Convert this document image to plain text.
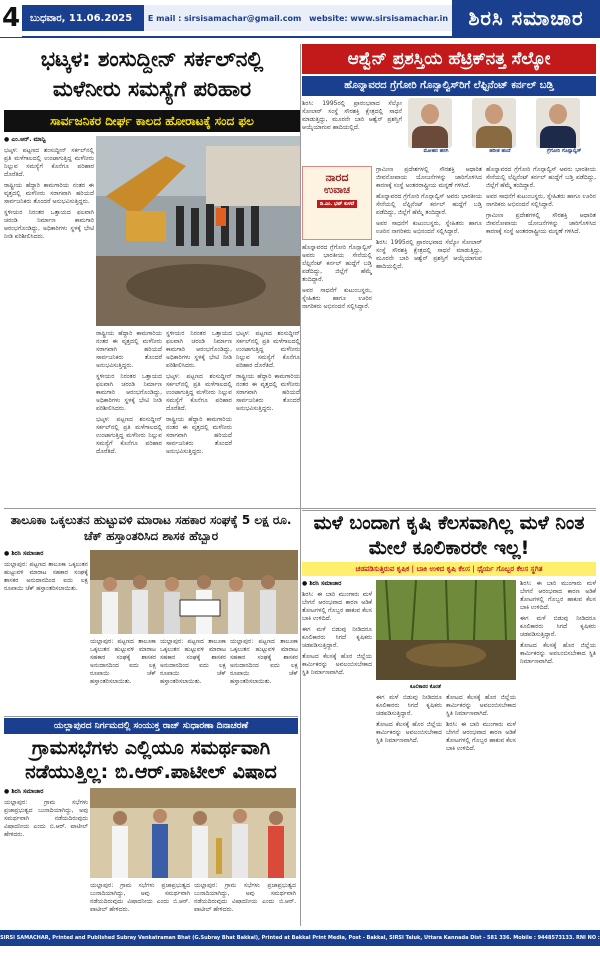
4 ಬುಧವಾರ, 11.06.2025	E mail : sirsisamachar@gmail.com website: www.sirsisamachar.in	ಶಿರಸಿ ಸಮಾಚಾರ
ಭಟ್ಕಳ: ಶಂಸುದ್ದೀನ್ ಸರ್ಕಲ್‌ನಲ್ಲಿ ಮಳೆನೀರು ಸಮಸ್ಯೆಗೆ ಪರಿಹಾರ
ಸಾರ್ವಜನಿಕರ ದೀರ್ಘ ಕಾಲದ ಹೋರಾಟಕ್ಕೆ ಸಂದ ಫಲ
● ಎಂ.ಆರ್. ಮಾನ್ವಿ

ಭಟ್ಕಳ: ಪಟ್ಟಣದ ಶಂಸುದ್ದೀನ್ ಸರ್ಕಲ್‌ನಲ್ಲಿ ಪ್ರತಿ ಮಳೆಗಾಲದಲ್ಲಿ ಉಂಟಾಗುತ್ತಿದ್ದ ಮಳೆನೀರು ನಿಲ್ಲುವ ಸಮಸ್ಯೆಗೆ ಕೊನೆಗೂ ಪರಿಹಾರ ದೊರೆತಿದೆ.

ರಾಷ್ಟ್ರೀಯ ಹೆದ್ದಾರಿ ಕಾಮಗಾರಿಯ ನಂತರ ಈ ವೃತ್ತದಲ್ಲಿ ಮಳೆನೀರು ಸರಾಗವಾಗಿ ಹರಿಯದೆ ಸಾರ್ವಜನಿಕರು ತೊಂದರೆ ಅನುಭವಿಸುತ್ತಿದ್ದರು.

ಸ್ಥಳೀಯರ ನಿರಂತರ ಒತ್ತಾಯದ ಫಲವಾಗಿ ಚರಂಡಿ ನಿರ್ಮಾಣ ಕಾಮಗಾರಿ ಆರಂಭಗೊಂಡಿದ್ದು, ಅಧಿಕಾರಿಗಳು ಸ್ಥಳಕ್ಕೆ ಭೇಟಿ ನೀಡಿ ಪರಿಶೀಲಿಸಿದರು.

ರಾಷ್ಟ್ರೀಯ ಹೆದ್ದಾರಿ ಕಾಮಗಾರಿಯ ನಂತರ ಈ ವೃತ್ತದಲ್ಲಿ ಮಳೆನೀರು ಸರಾಗವಾಗಿ ಹರಿಯದೆ ಸಾರ್ವಜನಿಕರು ತೊಂದರೆ ಅನುಭವಿಸುತ್ತಿದ್ದರು.

ಸ್ಥಳೀಯರ ನಿರಂತರ ಒತ್ತಾಯದ ಫಲವಾಗಿ ಚರಂಡಿ ನಿರ್ಮಾಣ ಕಾಮಗಾರಿ ಆರಂಭಗೊಂಡಿದ್ದು, ಅಧಿಕಾರಿಗಳು ಸ್ಥಳಕ್ಕೆ ಭೇಟಿ ನೀಡಿ ಪರಿಶೀಲಿಸಿದರು.

ಭಟ್ಕಳ: ಪಟ್ಟಣದ ಶಂಸುದ್ದೀನ್ ಸರ್ಕಲ್‌ನಲ್ಲಿ ಪ್ರತಿ ಮಳೆಗಾಲದಲ್ಲಿ ಉಂಟಾಗುತ್ತಿದ್ದ ಮಳೆನೀರು ನಿಲ್ಲುವ ಸಮಸ್ಯೆಗೆ ಕೊನೆಗೂ ಪರಿಹಾರ ದೊರೆತಿದೆ.

ಸ್ಥಳೀಯರ ನಿರಂತರ ಒತ್ತಾಯದ ಫಲವಾಗಿ ಚರಂಡಿ ನಿರ್ಮಾಣ ಕಾಮಗಾರಿ ಆರಂಭಗೊಂಡಿದ್ದು, ಅಧಿಕಾರಿಗಳು ಸ್ಥಳಕ್ಕೆ ಭೇಟಿ ನೀಡಿ ಪರಿಶೀಲಿಸಿದರು.

ಭಟ್ಕಳ: ಪಟ್ಟಣದ ಶಂಸುದ್ದೀನ್ ಸರ್ಕಲ್‌ನಲ್ಲಿ ಪ್ರತಿ ಮಳೆಗಾಲದಲ್ಲಿ ಉಂಟಾಗುತ್ತಿದ್ದ ಮಳೆನೀರು ನಿಲ್ಲುವ ಸಮಸ್ಯೆಗೆ ಕೊನೆಗೂ ಪರಿಹಾರ ದೊರೆತಿದೆ.

ರಾಷ್ಟ್ರೀಯ ಹೆದ್ದಾರಿ ಕಾಮಗಾರಿಯ ನಂತರ ಈ ವೃತ್ತದಲ್ಲಿ ಮಳೆನೀರು ಸರಾಗವಾಗಿ ಹರಿಯದೆ ಸಾರ್ವಜನಿಕರು ತೊಂದರೆ ಅನುಭವಿಸುತ್ತಿದ್ದರು.

ಭಟ್ಕಳ: ಪಟ್ಟಣದ ಶಂಸುದ್ದೀನ್ ಸರ್ಕಲ್‌ನಲ್ಲಿ ಪ್ರತಿ ಮಳೆಗಾಲದಲ್ಲಿ ಉಂಟಾಗುತ್ತಿದ್ದ ಮಳೆನೀರು ನಿಲ್ಲುವ ಸಮಸ್ಯೆಗೆ ಕೊನೆಗೂ ಪರಿಹಾರ ದೊರೆತಿದೆ.

ರಾಷ್ಟ್ರೀಯ ಹೆದ್ದಾರಿ ಕಾಮಗಾರಿಯ ನಂತರ ಈ ವೃತ್ತದಲ್ಲಿ ಮಳೆನೀರು ಸರಾಗವಾಗಿ ಹರಿಯದೆ ಸಾರ್ವಜನಿಕರು ತೊಂದರೆ ಅನುಭವಿಸುತ್ತಿದ್ದರು.

ಆಶ್ವೆನ್ ಪ್ರಶಸ್ತಿಯ ಹೆಟ್ರಿಕ್‌ನತ್ತ ಸೆಲ್ಕೋ
ಹೊನ್ನಾವರದ ಗ್ರೆಗೋರಿ ಗೊನ್ಸಾಲ್ವಿಸ್‌ರಿಗೆ ಲೆಫ್ಟಿನೆಂಟ್ ಕರ್ನಲ್ ಬಡ್ತಿ

ಶಿರಸಿ: 1995ರಲ್ಲಿ ಪ್ರಾರಂಭವಾದ ಸೆಲ್ಕೋ ಸೋಲಾರ್ ಸಂಸ್ಥೆ ಸೌರಶಕ್ತಿ ಕ್ಷೇತ್ರದಲ್ಲಿ ಸಾಧನೆ ಮಾಡುತ್ತಿದ್ದು, ಮೂರನೇ ಬಾರಿ ಆಶ್ವೆನ್ ಪ್ರಶಸ್ತಿಗೆ ಆಯ್ಕೆಯಾಗುವ ಹಾದಿಯಲ್ಲಿದೆ.

ಮೋಹನ ಹಸಗಿ	ಹರೀಶ ಹಂದೆ	ಗ್ರೆಗೋರಿ ಗೊನ್ಸಾಲ್ವಿಸ್
ನಾರದ
ಉವಾಚ
ಡಿ.ಎಂ. ಭಟ್ ಕುಳವೆ

ಗ್ರಾಮೀಣ ಪ್ರದೇಶಗಳಲ್ಲಿ ಸೌರಶಕ್ತಿ ಆಧಾರಿತ ಜೀವನೋಪಾಯ ಯೋಜನೆಗಳನ್ನು ಜಾರಿಗೊಳಿಸಿದ ಕಾರಣಕ್ಕೆ ಸಂಸ್ಥೆ ಅಂತರರಾಷ್ಟ್ರೀಯ ಮನ್ನಣೆ ಗಳಿಸಿದೆ.

ಹೊನ್ನಾವರದ ಗ್ರೆಗೋರಿ ಗೊನ್ಸಾಲ್ವಿಸ್ ಅವರು ಭಾರತೀಯ ಸೇನೆಯಲ್ಲಿ ಲೆಫ್ಟಿನೆಂಟ್ ಕರ್ನಲ್ ಹುದ್ದೆಗೆ ಬಡ್ತಿ ಪಡೆದಿದ್ದು, ಜಿಲ್ಲೆಗೆ ಹೆಮ್ಮೆ ತಂದಿದ್ದಾರೆ.

ಅವರ ಸಾಧನೆಗೆ ಕುಟುಂಬಸ್ಥರು, ಸ್ನೇಹಿತರು ಹಾಗೂ ಊರಿನ ನಾಗರಿಕರು ಅಭಿನಂದನೆ ಸಲ್ಲಿಸಿದ್ದಾರೆ.

ಶಿರಸಿ: 1995ರಲ್ಲಿ ಪ್ರಾರಂಭವಾದ ಸೆಲ್ಕೋ ಸೋಲಾರ್ ಸಂಸ್ಥೆ ಸೌರಶಕ್ತಿ ಕ್ಷೇತ್ರದಲ್ಲಿ ಸಾಧನೆ ಮಾಡುತ್ತಿದ್ದು, ಮೂರನೇ ಬಾರಿ ಆಶ್ವೆನ್ ಪ್ರಶಸ್ತಿಗೆ ಆಯ್ಕೆಯಾಗುವ ಹಾದಿಯಲ್ಲಿದೆ.

ಹೊನ್ನಾವರದ ಗ್ರೆಗೋರಿ ಗೊನ್ಸಾಲ್ವಿಸ್ ಅವರು ಭಾರತೀಯ ಸೇನೆಯಲ್ಲಿ ಲೆಫ್ಟಿನೆಂಟ್ ಕರ್ನಲ್ ಹುದ್ದೆಗೆ ಬಡ್ತಿ ಪಡೆದಿದ್ದು, ಜಿಲ್ಲೆಗೆ ಹೆಮ್ಮೆ ತಂದಿದ್ದಾರೆ.

ಅವರ ಸಾಧನೆಗೆ ಕುಟುಂಬಸ್ಥರು, ಸ್ನೇಹಿತರು ಹಾಗೂ ಊರಿನ ನಾಗರಿಕರು ಅಭಿನಂದನೆ ಸಲ್ಲಿಸಿದ್ದಾರೆ.

ಹೊನ್ನಾವರದ ಗ್ರೆಗೋರಿ ಗೊನ್ಸಾಲ್ವಿಸ್ ಅವರು ಭಾರತೀಯ ಸೇನೆಯಲ್ಲಿ ಲೆಫ್ಟಿನೆಂಟ್ ಕರ್ನಲ್ ಹುದ್ದೆಗೆ ಬಡ್ತಿ ಪಡೆದಿದ್ದು, ಜಿಲ್ಲೆಗೆ ಹೆಮ್ಮೆ ತಂದಿದ್ದಾರೆ.

ಅವರ ಸಾಧನೆಗೆ ಕುಟುಂಬಸ್ಥರು, ಸ್ನೇಹಿತರು ಹಾಗೂ ಊರಿನ ನಾಗರಿಕರು ಅಭಿನಂದನೆ ಸಲ್ಲಿಸಿದ್ದಾರೆ.

ಗ್ರಾಮೀಣ ಪ್ರದೇಶಗಳಲ್ಲಿ ಸೌರಶಕ್ತಿ ಆಧಾರಿತ ಜೀವನೋಪಾಯ ಯೋಜನೆಗಳನ್ನು ಜಾರಿಗೊಳಿಸಿದ ಕಾರಣಕ್ಕೆ ಸಂಸ್ಥೆ ಅಂತರರಾಷ್ಟ್ರೀಯ ಮನ್ನಣೆ ಗಳಿಸಿದೆ.

ಮಳೆ ಬಂದಾಗ ಕೃಷಿ ಕೆಲಸವಾಗಿಲ್ಲ ಮಳೆ ನಿಂತ ಮೇಲೆ ಕೂಲಿಕಾರರೇ ಇಲ್ಲ!
ಚಡಪಡಿಸುತ್ತಿರುವ ಕೃಷಿಕ | ಬಾಕಿ ಉಳಿದ ಕೃಷಿ ಕೆಲಸ | ಧೈರ್ಯ ಗೊಬ್ಬರ ಕೆಲಸ ಸ್ಥಗಿತ
● ಶಿರಸಿ ಸಮಾಚಾರ

ಶಿರಸಿ: ಈ ಬಾರಿ ಮುಂಗಾರು ಮಳೆ ಬೇಗನೆ ಆರಂಭವಾದ ಕಾರಣ ಅಡಿಕೆ ತೋಟಗಳಲ್ಲಿ ಗೊಬ್ಬರ ಹಾಕುವ ಕೆಲಸ ಬಾಕಿ ಉಳಿದಿದೆ.

ಈಗ ಮಳೆ ಬಿಡುವು ನೀಡಿದರೂ ಕೂಲಿಕಾರರು ಸಿಗದೆ ಕೃಷಿಕರು ಚಡಪಡಿಸುತ್ತಿದ್ದಾರೆ.

ತೋಟದ ಕೆಲಸಕ್ಕೆ ಹೊರ ಜಿಲ್ಲೆಯ ಕಾರ್ಮಿಕರನ್ನು ಅವಲಂಬಿಸಬೇಕಾದ ಸ್ಥಿತಿ ನಿರ್ಮಾಣವಾಗಿದೆ.

ಕೂಲಿಕಾರರ ಕೊರತೆ

ಈಗ ಮಳೆ ಬಿಡುವು ನೀಡಿದರೂ ಕೂಲಿಕಾರರು ಸಿಗದೆ ಕೃಷಿಕರು ಚಡಪಡಿಸುತ್ತಿದ್ದಾರೆ.

ತೋಟದ ಕೆಲಸಕ್ಕೆ ಹೊರ ಜಿಲ್ಲೆಯ ಕಾರ್ಮಿಕರನ್ನು ಅವಲಂಬಿಸಬೇಕಾದ ಸ್ಥಿತಿ ನಿರ್ಮಾಣವಾಗಿದೆ.

ತೋಟದ ಕೆಲಸಕ್ಕೆ ಹೊರ ಜಿಲ್ಲೆಯ ಕಾರ್ಮಿಕರನ್ನು ಅವಲಂಬಿಸಬೇಕಾದ ಸ್ಥಿತಿ ನಿರ್ಮಾಣವಾಗಿದೆ.

ಶಿರಸಿ: ಈ ಬಾರಿ ಮುಂಗಾರು ಮಳೆ ಬೇಗನೆ ಆರಂಭವಾದ ಕಾರಣ ಅಡಿಕೆ ತೋಟಗಳಲ್ಲಿ ಗೊಬ್ಬರ ಹಾಕುವ ಕೆಲಸ ಬಾಕಿ ಉಳಿದಿದೆ.

ಶಿರಸಿ: ಈ ಬಾರಿ ಮುಂಗಾರು ಮಳೆ ಬೇಗನೆ ಆರಂಭವಾದ ಕಾರಣ ಅಡಿಕೆ ತೋಟಗಳಲ್ಲಿ ಗೊಬ್ಬರ ಹಾಕುವ ಕೆಲಸ ಬಾಕಿ ಉಳಿದಿದೆ.

ಈಗ ಮಳೆ ಬಿಡುವು ನೀಡಿದರೂ ಕೂಲಿಕಾರರು ಸಿಗದೆ ಕೃಷಿಕರು ಚಡಪಡಿಸುತ್ತಿದ್ದಾರೆ.

ತೋಟದ ಕೆಲಸಕ್ಕೆ ಹೊರ ಜಿಲ್ಲೆಯ ಕಾರ್ಮಿಕರನ್ನು ಅವಲಂಬಿಸಬೇಕಾದ ಸ್ಥಿತಿ ನಿರ್ಮಾಣವಾಗಿದೆ.

ತಾಲೂಕಾ ಒಕ್ಕಲುತನ ಹುಟ್ಟುವಳಿ ಮಾರಾಟ ಸಹಕಾರ ಸಂಘಕ್ಕೆ 5 ಲಕ್ಷ ರೂ. ಚೆಕ್ ಹಸ್ತಾಂತರಿಸಿದ ಶಾಸಕ ಹೆಬ್ಬಾರ
● ಶಿರಸಿ ಸಮಾಚಾರ

ಯಲ್ಲಾಪುರ: ಪಟ್ಟಣದ ತಾಲೂಕಾ ಒಕ್ಕಲುತನ ಹುಟ್ಟುವಳಿ ಮಾರಾಟ ಸಹಕಾರ ಸಂಘಕ್ಕೆ ಶಾಸಕರ ಅನುದಾನದಿಂದ ಐದು ಲಕ್ಷ ರೂಪಾಯಿ ಚೆಕ್ ಹಸ್ತಾಂತರಿಸಲಾಯಿತು.

ಯಲ್ಲಾಪುರ: ಪಟ್ಟಣದ ತಾಲೂಕಾ ಒಕ್ಕಲುತನ ಹುಟ್ಟುವಳಿ ಮಾರಾಟ ಸಹಕಾರ ಸಂಘಕ್ಕೆ ಶಾಸಕರ ಅನುದಾನದಿಂದ ಐದು ಲಕ್ಷ ರೂಪಾಯಿ ಚೆಕ್ ಹಸ್ತಾಂತರಿಸಲಾಯಿತು.

ಯಲ್ಲಾಪುರ: ಪಟ್ಟಣದ ತಾಲೂಕಾ ಒಕ್ಕಲುತನ ಹುಟ್ಟುವಳಿ ಮಾರಾಟ ಸಹಕಾರ ಸಂಘಕ್ಕೆ ಶಾಸಕರ ಅನುದಾನದಿಂದ ಐದು ಲಕ್ಷ ರೂಪಾಯಿ ಚೆಕ್ ಹಸ್ತಾಂತರಿಸಲಾಯಿತು.

ಯಲ್ಲಾಪುರ: ಪಟ್ಟಣದ ತಾಲೂಕಾ ಒಕ್ಕಲುತನ ಹುಟ್ಟುವಳಿ ಮಾರಾಟ ಸಹಕಾರ ಸಂಘಕ್ಕೆ ಶಾಸಕರ ಅನುದಾನದಿಂದ ಐದು ಲಕ್ಷ ರೂಪಾಯಿ ಚೆಕ್ ಹಸ್ತಾಂತರಿಸಲಾಯಿತು.

ಯಲ್ಲಾಪುರದ ನಿರ್ಗಮದಲ್ಲಿ ಸಂಯುಕ್ತ ರಾಜ್ ಸುಧಾರಣಾ ದಿನಾಚರಣೆ
ಗ್ರಾಮಸಭೆಗಳು ಎಲ್ಲಿಯೂ ಸಮರ್ಥವಾಗಿ ನಡೆಯುತ್ತಿಲ್ಲ: ಬಿ.ಆರ್.ಪಾಟೀಲ್ ವಿಷಾದ
● ಶಿರಸಿ ಸಮಾಚಾರ

ಯಲ್ಲಾಪುರ: ಗ್ರಾಮ ಸಭೆಗಳು ಪ್ರಜಾಪ್ರಭುತ್ವದ ಬುನಾದಿಯಾಗಿದ್ದು, ಅವು ಸಮರ್ಥವಾಗಿ ನಡೆಯದಿರುವುದು ವಿಷಾದನೀಯ ಎಂದು ಬಿ.ಆರ್. ಪಾಟೀಲ್ ಹೇಳಿದರು.

ಯಲ್ಲಾಪುರ: ಗ್ರಾಮ ಸಭೆಗಳು ಪ್ರಜಾಪ್ರಭುತ್ವದ ಬುನಾದಿಯಾಗಿದ್ದು, ಅವು ಸಮರ್ಥವಾಗಿ ನಡೆಯದಿರುವುದು ವಿಷಾದನೀಯ ಎಂದು ಬಿ.ಆರ್. ಪಾಟೀಲ್ ಹೇಳಿದರು.

ಯಲ್ಲಾಪುರ: ಗ್ರಾಮ ಸಭೆಗಳು ಪ್ರಜಾಪ್ರಭುತ್ವದ ಬುನಾದಿಯಾಗಿದ್ದು, ಅವು ಸಮರ್ಥವಾಗಿ ನಡೆಯದಿರುವುದು ವಿಷಾದನೀಯ ಎಂದು ಬಿ.ಆರ್. ಪಾಟೀಲ್ ಹೇಳಿದರು.

SIRSI SAMACHAR, Printed and Published Subray Venkatraman Bhat (G.Subray Bhat Bakkal), Printed at Bakkal Print Media, Post - Bakkal, SIRSI Taluk, Uttara Kannada Dist - 581 336. Mobile : 9448573133. RNI NO : 2840/98, Editor : G. Subray Bhat Bakkal.
